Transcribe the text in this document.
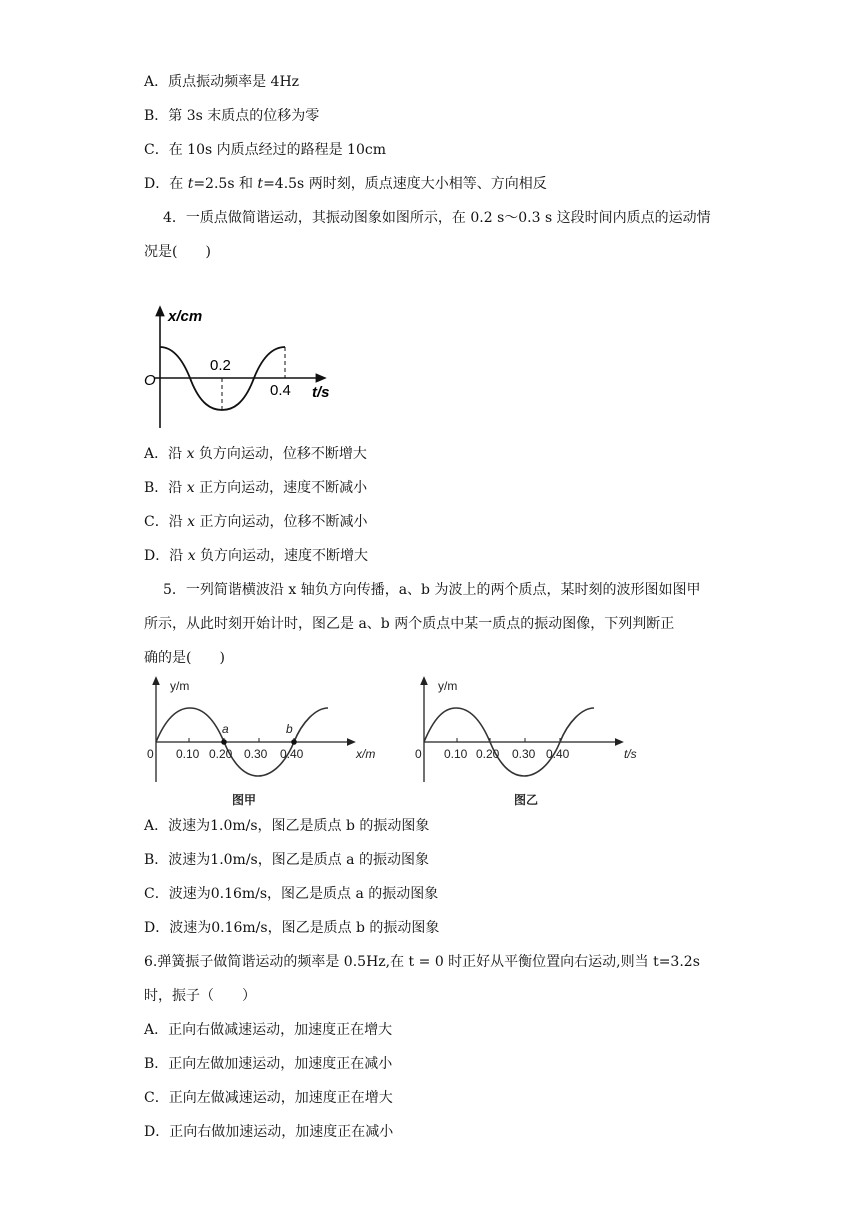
A．质点振动频率是 4Hz
B．第 3s 末质点的位移为零
C．在 10s 内质点经过的路程是 10cm
D．在 t=2.5s 和 t=4.5s 两时刻，质点速度大小相等、方向相反
4．一质点做简谐运动，其振动图象如图所示，在 0.2 s～0.3 s 这段时间内质点的运动情
况是(　　)
x/cm
O
0.2
0.4 t/s
A．沿 x 负方向运动，位移不断增大
B．沿 x 正方向运动，速度不断减小
C．沿 x 正方向运动，位移不断减小
D．沿 x 负方向运动，速度不断增大
5．一列简谐横波沿 x 轴负方向传播，a、b 为波上的两个质点，某时刻的波形图如图甲
所示，从此时刻开始计时，图乙是 a、b 两个质点中某一质点的振动图像，下列判断正
确的是(　　)
y/m
a	b
0 0.10 0.20 0.30 0.40	x/m
图甲
y/m
0 0.10 0.20 0.30 0.40	t/s
图乙
A．波速为1.0m/s，图乙是质点 b 的振动图象
B．波速为1.0m/s，图乙是质点 a 的振动图象
C．波速为0.16m/s，图乙是质点 a 的振动图象
D．波速为0.16m/s，图乙是质点 b 的振动图象
6.弹簧振子做简谐运动的频率是 0.5Hz,在 t = 0 时正好从平衡位置向右运动,则当 t=3.2s
时，振子（　　）
A．正向右做减速运动，加速度正在增大
B．正向左做加速运动，加速度正在减小
C．正向左做减速运动，加速度正在增大
D．正向右做加速运动，加速度正在减小
